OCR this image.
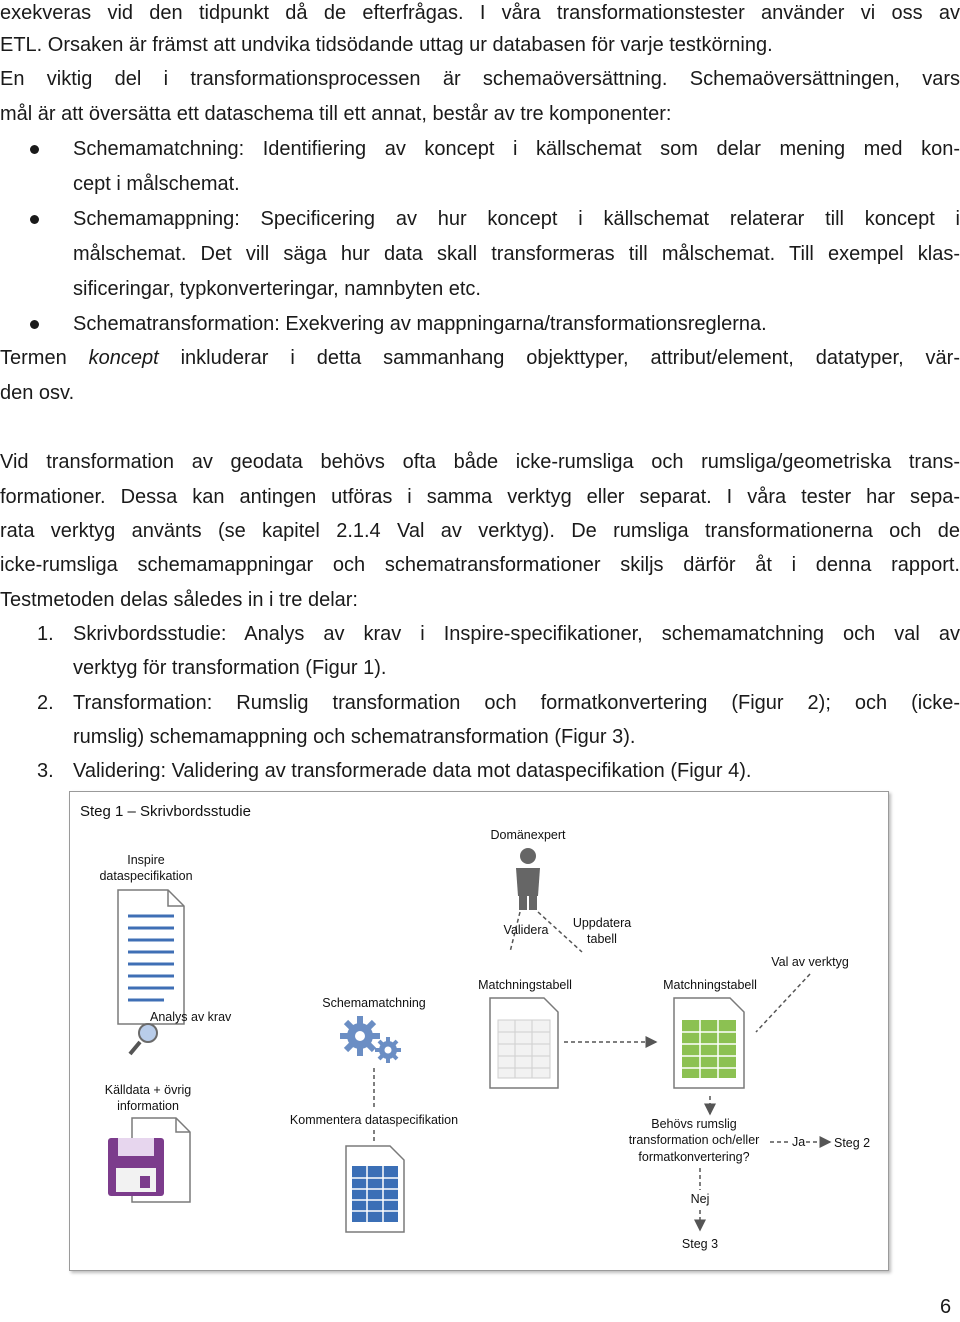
exekveras vid den tidpunkt då de efterfrågas. I våra transformationstester använder vi oss av
ETL. Orsaken är främst att undvika tidsödande uttag ur databasen för varje testkörning.
En viktig del i transformationsprocessen är schemaöversättning. Schemaöversättningen, vars
mål är att översätta ett dataschema till ett annat, består av tre komponenter:
Schemamatchning: Identifiering av koncept i källschemat som delar mening med kon-
cept i målschemat.
Schemamappning: Specificering av hur koncept i källschemat relaterar till koncept i
målschemat. Det vill säga hur data skall transformeras till målschemat. Till exempel klas-
sificeringar, typkonverteringar, namnbyten etc.
Schematransformation: Exekvering av mappningarna/transformationsreglerna.
Termen koncept inkluderar i detta sammanhang objekttyper, attribut/element, datatyper, vär-
den osv.
Vid transformation av geodata behövs ofta både icke-rumsliga och rumsliga/geometriska trans-
formationer. Dessa kan antingen utföras i samma verktyg eller separat. I våra tester har sepa-
rata verktyg använts (se kapitel 2.1.4 Val av verktyg). De rumsliga transformationerna och de
icke-rumsliga schemamappningar och schematransformationer skiljs därför åt i denna rapport.
Testmetoden delas således in i tre delar:
1. Skrivbordsstudie: Analys av krav i Inspire-specifikationer, schemamatchning och val av
verktyg för transformation (Figur 1).
2. Transformation: Rumslig transformation och formatkonvertering (Figur 2); och (icke-
rumslig) schemamappning och schematransformation (Figur 3).
3. Validering: Validering av transformerade data mot dataspecifikation (Figur 4).
Steg 1 – Skrivbordsstudie
Inspire
dataspecifikation
Analys av krav
Källdata + övrig
information
Schemamatchning
Kommentera dataspecifikation
Domänexpert
Validera Uppdatera
tabell
Matchningstabell	Matchningstabell
Val av verktyg
Behövs rumslig
transformation och/eller
formatkonvertering?
Ja Steg 2
Nej
Steg 3
6
